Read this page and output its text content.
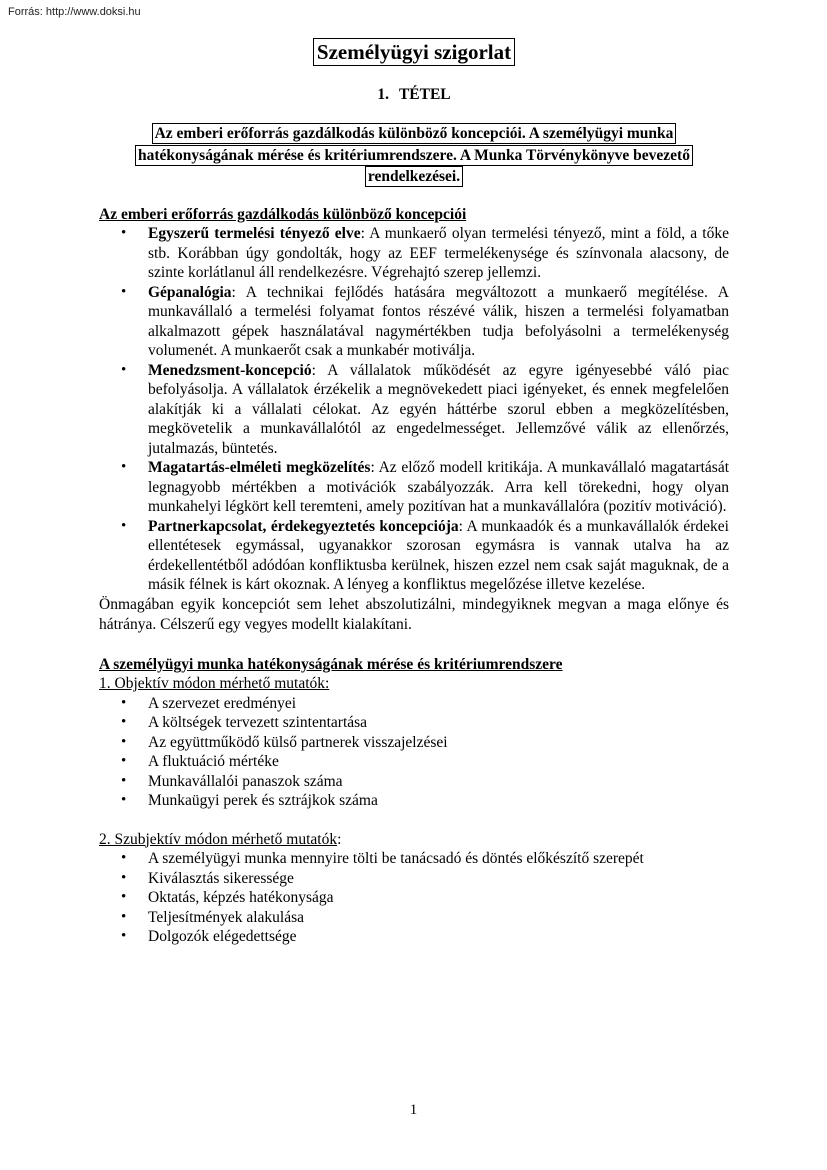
Forrás: http://www.doksi.hu
Személyügyi szigorlat
1. TÉTEL
Az emberi erőforrás gazdálkodás különböző koncepciói. A személyügyi munka
hatékonyságának mérése és kritériumrendszere. A Munka Törvénykönyve bevezető
rendelkezései.
Az emberi erőforrás gazdálkodás különböző koncepciói
• Egyszerű termelési tényező elve: A munkaerő olyan termelési tényező, mint a föld, a tőke stb. Korábban úgy gondolták, hogy az EEF termelékenysége és színvonala alacsony, de szinte korlátlanul áll rendelkezésre. Végrehajtó szerep jellemzi.
• Gépanalógia: A technikai fejlődés hatására megváltozott a munkaerő megítélése. A munkavállaló a termelési folyamat fontos részévé válik, hiszen a termelési folyamatban alkalmazott gépek használatával nagymértékben tudja befolyásolni a termelékenység volumenét. A munkaerőt csak a munkabér motiválja.
• Menedzsment-koncepció: A vállalatok működését az egyre igényesebbé váló piac befolyásolja. A vállalatok érzékelik a megnövekedett piaci igényeket, és ennek megfelelően alakítják ki a vállalati célokat. Az egyén háttérbe szorul ebben a megközelítésben, megkövetelik a munkavállalótól az engedelmességet. Jellemzővé válik az ellenőrzés, jutalmazás, büntetés.
• Magatartás-elméleti megközelítés: Az előző modell kritikája. A munkavállaló magatartását legnagyobb mértékben a motivációk szabályozzák. Arra kell törekedni, hogy olyan munkahelyi légkört kell teremteni, amely pozitívan hat a munkavállalóra (pozitív motiváció).
• Partnerkapcsolat, érdekegyeztetés koncepciója: A munkaadók és a munkavállalók érdekei ellentétesek egymással, ugyanakkor szorosan egymásra is vannak utalva ha az érdekellentétből adódóan konfliktusba kerülnek, hiszen ezzel nem csak saját maguknak, de a másik félnek is kárt okoznak. A lényeg a konfliktus megelőzése illetve kezelése.

Önmagában egyik koncepciót sem lehet abszolutizálni, mindegyiknek megvan a maga előnye és hátránya. Célszerű egy vegyes modellt kialakítani.

A személyügyi munka hatékonyságának mérése és kritériumrendszere
1. Objektív módon mérhető mutatók:
• A szervezet eredményei
• A költségek tervezett szintentartása
• Az együttműködő külső partnerek visszajelzései
• A fluktuáció mértéke
• Munkavállalói panaszok száma
• Munkaügyi perek és sztrájkok száma
2. Szubjektív módon mérhető mutatók:
• A személyügyi munka mennyire tölti be tanácsadó és döntés előkészítő szerepét
• Kiválasztás sikeressége
• Oktatás, képzés hatékonysága
• Teljesítmények alakulása
• Dolgozók elégedettsége
1
